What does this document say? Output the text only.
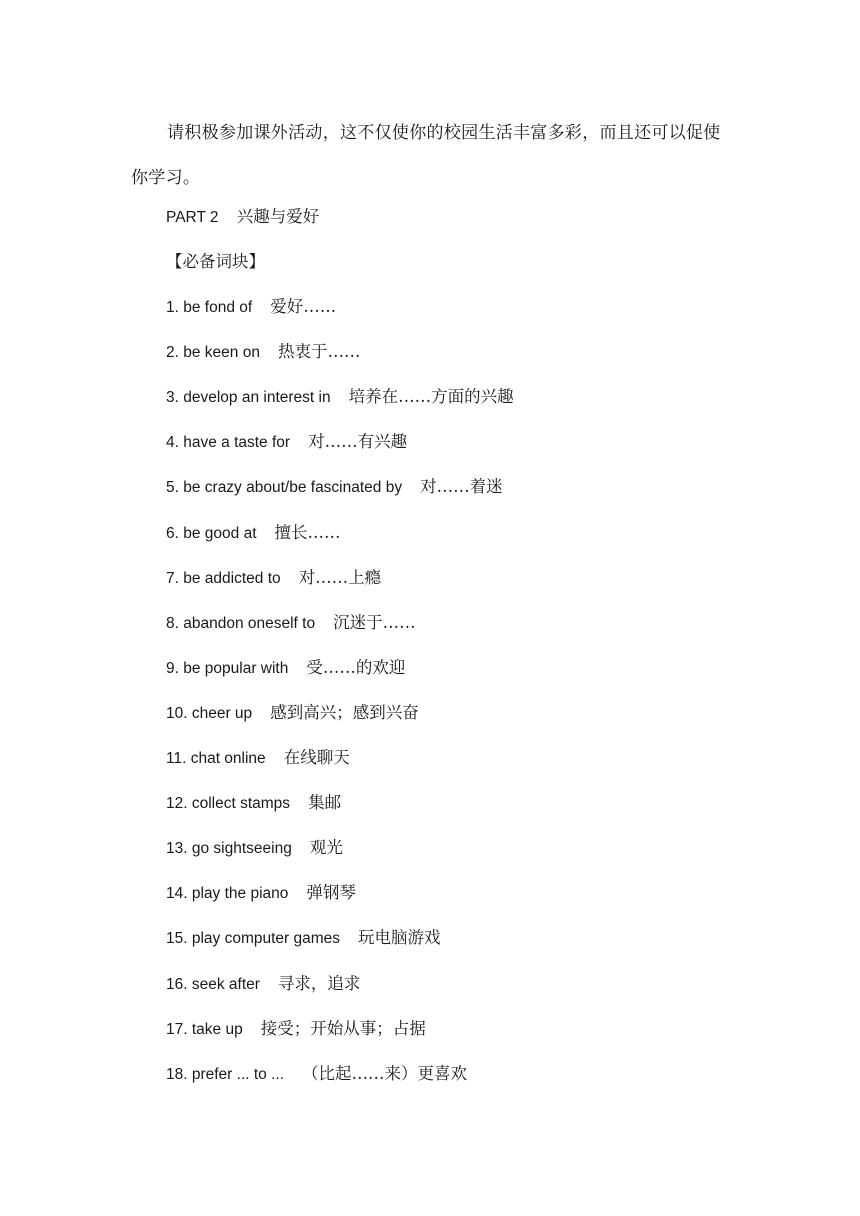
请积极参加课外活动，这不仅使你的校园生活丰富多彩，而且还可以促使你学习。

PART 2 兴趣与爱好

【必备词块】

1. be fond of 爱好……

2. be keen on 热衷于……

3. develop an interest in 培养在……方面的兴趣

4. have a taste for 对……有兴趣

5. be crazy about/be fascinated by 对……着迷

6. be good at 擅长……

7. be addicted to 对……上瘾

8. abandon oneself to 沉迷于……

9. be popular with 受……的欢迎

10. cheer up 感到高兴；感到兴奋

11. chat online 在线聊天

12. collect stamps 集邮

13. go sightseeing 观光

14. play the piano 弹钢琴

15. play computer games 玩电脑游戏

16. seek after 寻求，追求

17. take up 接受；开始从事；占据

18. prefer ... to ... （比起……来）更喜欢
